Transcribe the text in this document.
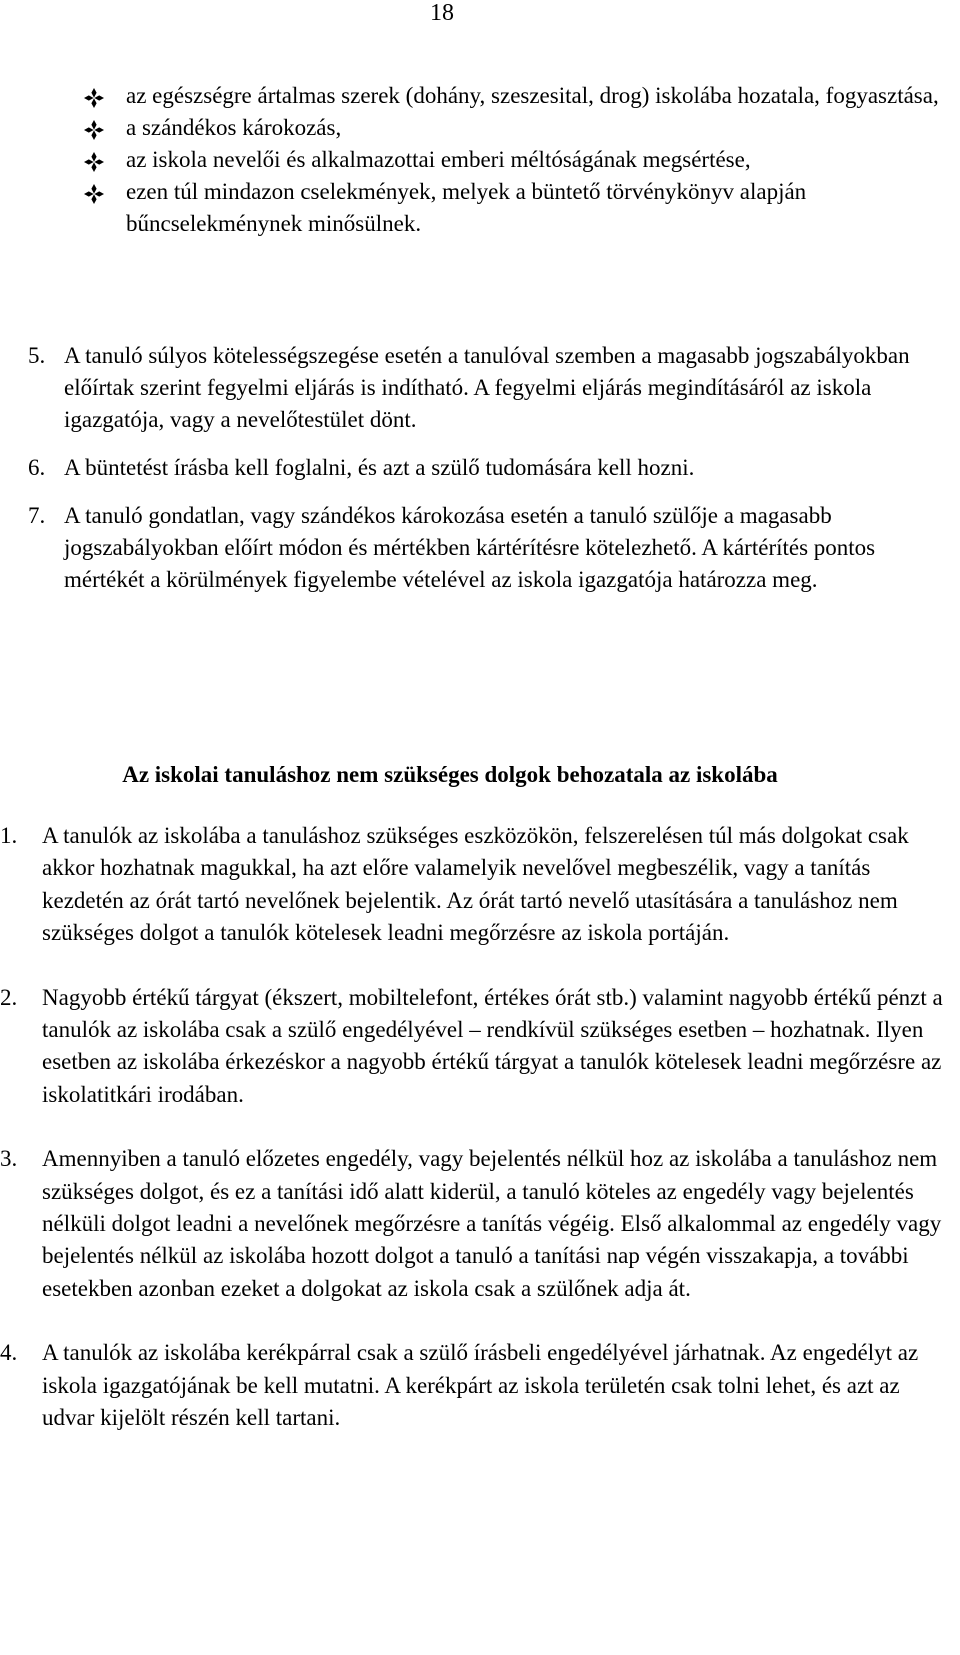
18
az egészségre ártalmas szerek (dohány, szeszesital, drog) iskolába hozatala, fogyasztása,
a szándékos károkozás,
az iskola nevelői és alkalmazottai emberi méltóságának megsértése,
ezen túl mindazon cselekmények, melyek a büntető törvénykönyv alapján bűncselekménynek minősülnek.

5. A tanuló súlyos kötelességszegése esetén a tanulóval szemben a magasabb jogszabályokban előírtak szerint fegyelmi eljárás is indítható. A fegyelmi eljárás megindításáról az iskola igazgatója, vagy a nevelőtestület dönt.

6. A büntetést írásba kell foglalni, és azt a szülő tudomására kell hozni.

7. A tanuló gondatlan, vagy szándékos károkozása esetén a tanuló szülője a magasabb jogszabályokban előírt módon és mértékben kártérítésre kötelezhető. A kártérítés pontos mértékét a körülmények figyelembe vételével az iskola igazgatója határozza meg.

Az iskolai tanuláshoz nem szükséges dolgok behozatala az iskolába

1. A tanulók az iskolába a tanuláshoz szükséges eszközökön, felszerelésen túl más dolgokat csak akkor hozhatnak magukkal, ha azt előre valamelyik nevelővel megbeszélik, vagy a tanítás kezdetén az órát tartó nevelőnek bejelentik. Az órát tartó nevelő utasítására a tanuláshoz nem szükséges dolgot a tanulók kötelesek leadni megőrzésre az iskola portáján.

2. Nagyobb értékű tárgyat (ékszert, mobiltelefont, értékes órát stb.) valamint nagyobb értékű pénzt a tanulók az iskolába csak a szülő engedélyével – rendkívül szükséges esetben – hozhatnak. Ilyen esetben az iskolába érkezéskor a nagyobb értékű tárgyat a tanulók kötelesek leadni megőrzésre az iskolatitkári irodában.

3. Amennyiben a tanuló előzetes engedély, vagy bejelentés nélkül hoz az iskolába a tanuláshoz nem szükséges dolgot, és ez a tanítási idő alatt kiderül, a tanuló köteles az engedély vagy bejelentés nélküli dolgot leadni a nevelőnek megőrzésre a tanítás végéig. Első alkalommal az engedély vagy bejelentés nélkül az iskolába hozott dolgot a tanuló a tanítási nap végén visszakapja, a további esetekben azonban ezeket a dolgokat az iskola csak a szülőnek adja át.

4. A tanulók az iskolába kerékpárral csak a szülő írásbeli engedélyével járhatnak. Az engedélyt az iskola igazgatójának be kell mutatni. A kerékpárt az iskola területén csak tolni lehet, és azt az udvar kijelölt részén kell tartani.
